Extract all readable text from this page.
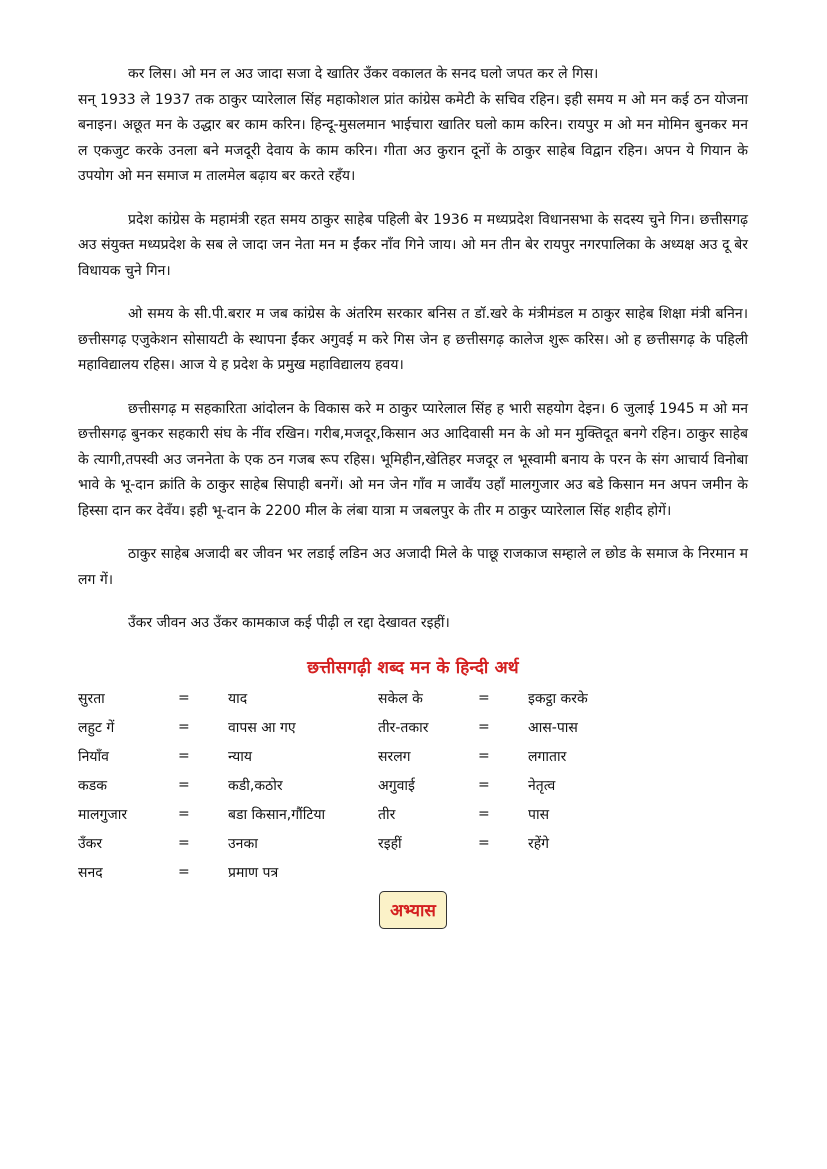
कर लिस। ओ मन ल अउ जादा सजा दे खातिर उँकर वकालत के सनद घलो जपत कर ले गिस।

सन् 1933 ले 1937 तक ठाकुर प्यारेलाल सिंह महाकोशल प्रांत कांग्रेस कमेटी के सचिव रहिन। इही समय म ओ मन कई ठन योजना बनाइन। अछूत मन के उद्धार बर काम करिन। हिन्दू-मुसलमान भाईचारा खातिर घलो काम करिन। रायपुर म ओ मन मोमिन बुनकर मन ल एकजुट करके उनला बने मजदूरी देवाय के काम करिन। गीता अउ कुरान दूनों के ठाकुर साहेब विद्वान रहिन। अपन ये गियान के उपयोग ओ मन समाज म तालमेल बढ़ाय बर करते रहँय।

प्रदेश कांग्रेस के महामंत्री रहत समय ठाकुर साहेब पहिली बेर 1936 म मध्यप्रदेश विधानसभा के सदस्य चुने गिन। छत्तीसगढ़ अउ संयुक्त मध्यप्रदेश के सब ले जादा जन नेता मन म ईंकर नाँव गिने जाय। ओ मन तीन बेर रायपुर नगरपालिका के अध्यक्ष अउ दू बेर विधायक चुने गिन।

ओ समय के सी.पी.बरार म जब कांग्रेस के अंतरिम सरकार बनिस त डॉ.खरे के मंत्रीमंडल म ठाकुर साहेब शिक्षा मंत्री बनिन। छत्तीसगढ़ एजुकेशन सोसायटी के स्थापना ईंकर अगुवई म करे गिस जेन ह छत्तीसगढ़ कालेज शुरू करिस। ओ ह छत्तीसगढ़ के पहिली महाविद्यालय रहिस। आज ये ह प्रदेश के प्रमुख महाविद्यालय हवय।

छत्तीसगढ़ म सहकारिता आंदोलन के विकास करे म ठाकुर प्यारेलाल सिंह ह भारी सहयोग देइन। 6 जुलाई 1945 म ओ मन छत्तीसगढ़ बुनकर सहकारी संघ के नींव रखिन। गरीब,मजदूर,किसान अउ आदिवासी मन के ओ मन मुक्तिदूत बनगे रहिन। ठाकुर साहेब के त्यागी,तपस्वी अउ जननेता के एक ठन गजब रूप रहिस। भूमिहीन,खेतिहर मजदूर ल भूस्वामी बनाय के परन के संग आचार्य विनोबा भावे के भू-दान क्रांति के ठाकुर साहेब सिपाही बनगें। ओ मन जेन गाँव म जावँय उहाँ मालगुजार अउ बडे किसान मन अपन जमीन के हिस्सा दान कर देवँय। इही भू-दान के 2200 मील के लंबा यात्रा म जबलपुर के तीर म ठाकुर प्यारेलाल सिंह शहीद होगें।

ठाकुर साहेब अजादी बर जीवन भर लडाई लडिन अउ अजादी मिले के पाछू राजकाज सम्हाले ल छोड के समाज के निरमान म लग गें।

उँकर जीवन अउ उँकर कामकाज कई पीढ़ी ल रद्दा देखावत रइहीं।

छत्तीसगढ़ी शब्द मन के हिन्दी अर्थ
सुरता	=	याद	सकेल के	=	इकट्ठा करके
लहुट गें	=	वापस आ गए	तीर-तकार	=	आस-पास
नियाँव	=	न्याय	सरलग	=	लगातार
कडक	=	कडी,कठोर	अगुवाई	=	नेतृत्व
मालगुजार	=	बडा किसान,गौंटिया	तीर	=	पास
उँकर	=	उनका	रइहीं	=	रहेंगे
सनद	=	प्रमाण पत्र			
अभ्यास
